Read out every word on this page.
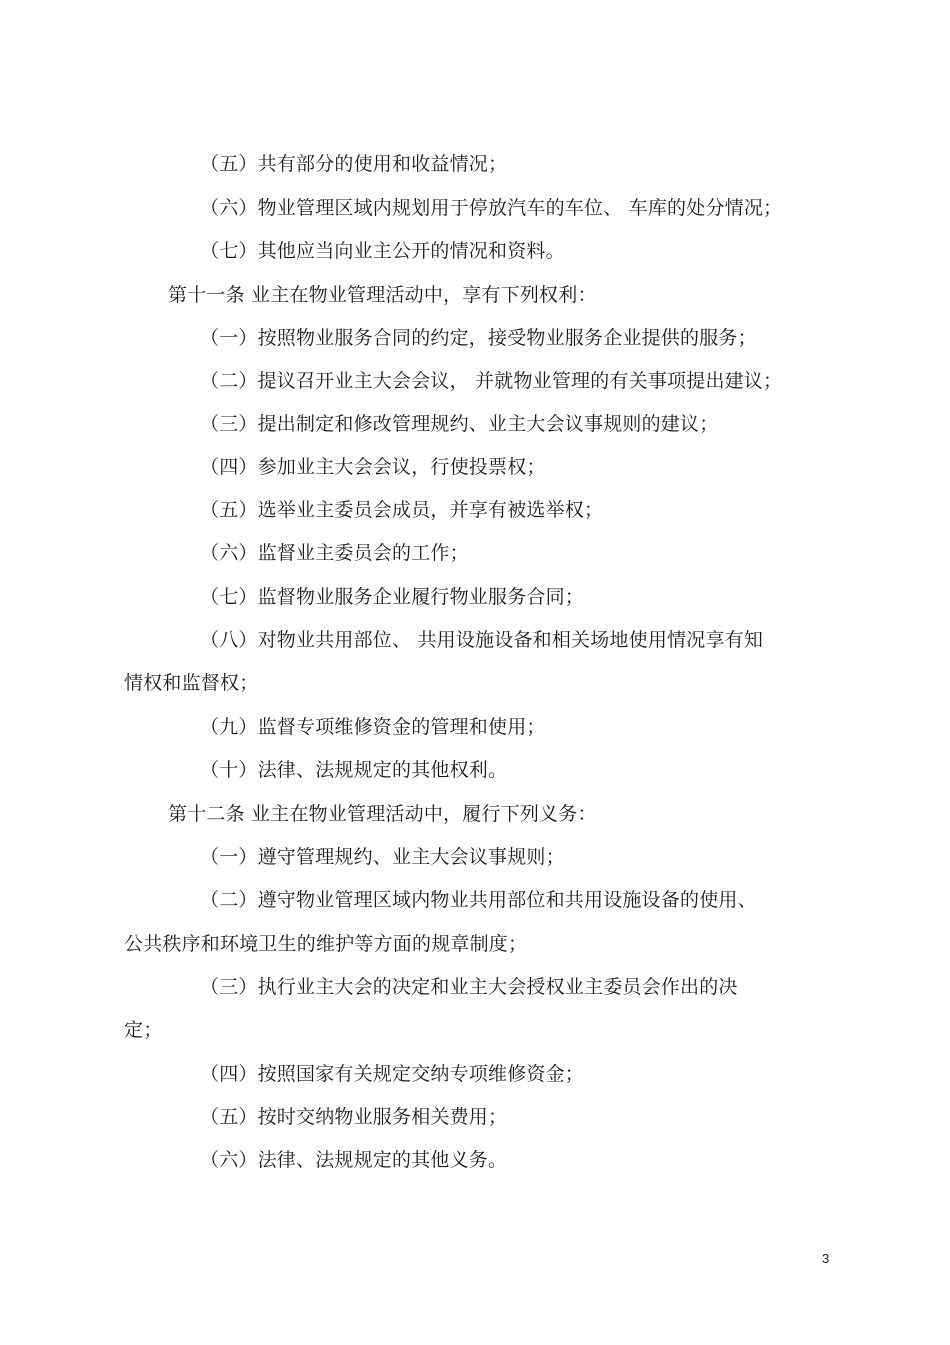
（五）共有部分的使用和收益情况；
（六）物业管理区域内规划用于停放汽车的车位、 车库的处分情况；
（七）其他应当向业主公开的情况和资料。
第十一条 业主在物业管理活动中，享有下列权利：
（一）按照物业服务合同的约定，接受物业服务企业提供的服务；
（二）提议召开业主大会会议， 并就物业管理的有关事项提出建议；
（三）提出制定和修改管理规约、业主大会议事规则的建议；
（四）参加业主大会会议，行使投票权；
（五）选举业主委员会成员，并享有被选举权；
（六）监督业主委员会的工作；
（七）监督物业服务企业履行物业服务合同；
（八）对物业共用部位、 共用设施设备和相关场地使用情况享有知
情权和监督权；
（九）监督专项维修资金的管理和使用；
（十）法律、法规规定的其他权利。
第十二条 业主在物业管理活动中，履行下列义务：
（一）遵守管理规约、业主大会议事规则；
（二）遵守物业管理区域内物业共用部位和共用设施设备的使用、
公共秩序和环境卫生的维护等方面的规章制度；
（三）执行业主大会的决定和业主大会授权业主委员会作出的决
定；
（四）按照国家有关规定交纳专项维修资金；
（五）按时交纳物业服务相关费用；
（六）法律、法规规定的其他义务。
3
